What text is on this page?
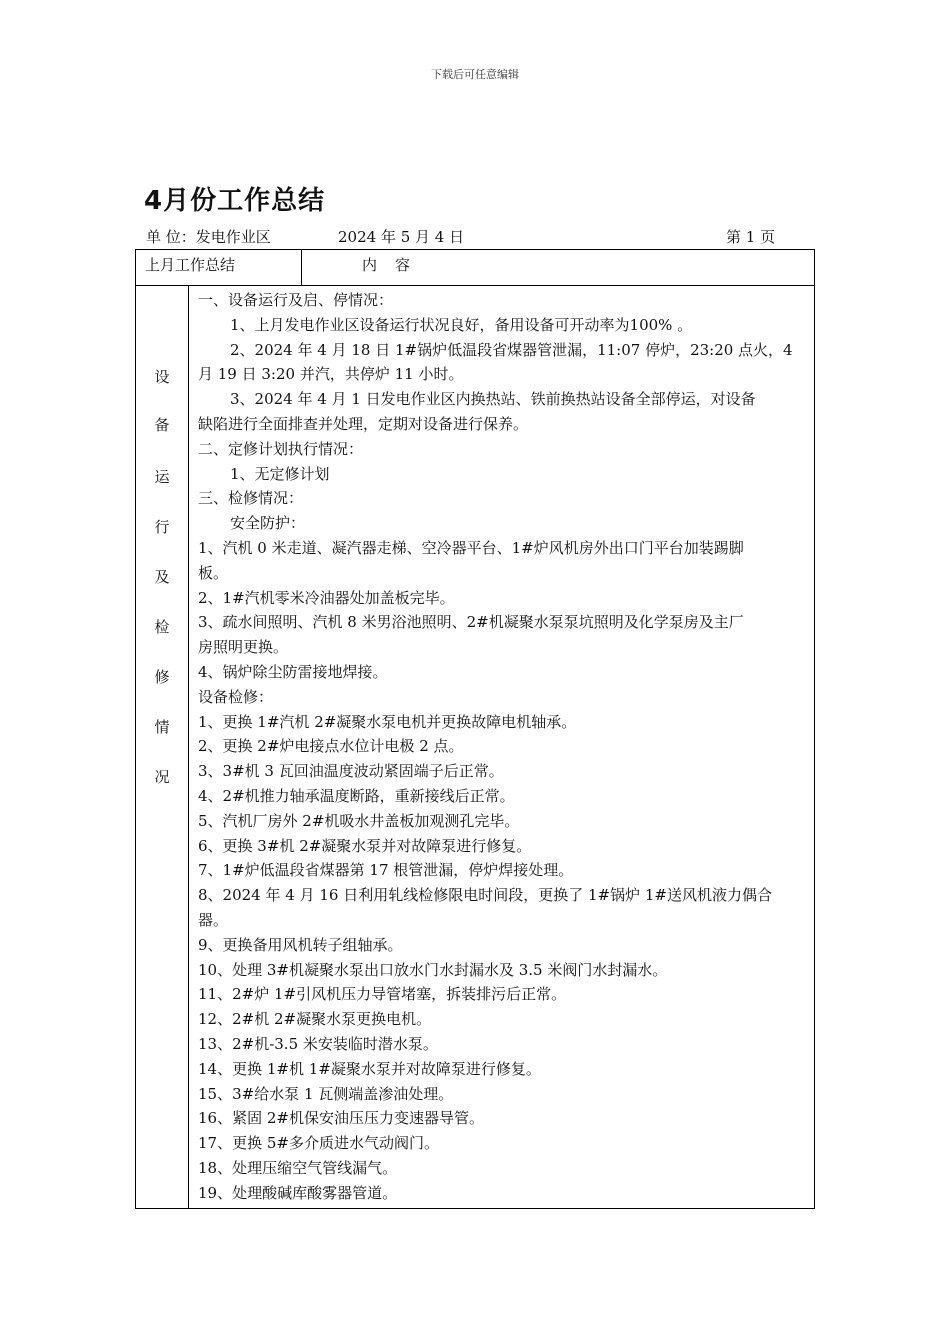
下载后可任意编辑
4月份工作总结
单 位：发电作业区	2024 年 5 月 4 日	第 1 页
上月工作总结	内容
设
备
运
行
及
检
修
情
况
一、设备运行及启、停情况：
1、上月发电作业区设备运行状况良好，备用设备可开动率为100% 。
2、2024 年 4 月 18 日 1#锅炉低温段省煤器管泄漏，11:07 停炉，23:20 点火，4
月 19 日 3:20 并汽，共停炉 11 小时。
3、2024 年 4 月 1 日发电作业区内换热站、铁前换热站设备全部停运，对设备
缺陷进行全面排查并处理，定期对设备进行保养。
二、定修计划执行情况：
1、无定修计划
三、检修情况：
安全防护：
1、汽机 0 米走道、凝汽器走梯、空冷器平台、1#炉风机房外出口门平台加装踢脚
板。
2、1#汽机零米冷油器处加盖板完毕。
3、疏水间照明、汽机 8 米男浴池照明、2#机凝聚水泵泵坑照明及化学泵房及主厂
房照明更换。
4、锅炉除尘防雷接地焊接。
设备检修：
1、更换 1#汽机 2#凝聚水泵电机并更换故障电机轴承。
2、更换 2#炉电接点水位计电极 2 点。
3、3#机 3 瓦回油温度波动紧固端子后正常。
4、2#机推力轴承温度断路，重新接线后正常。
5、汽机厂房外 2#机吸水井盖板加观测孔完毕。
6、更换 3#机 2#凝聚水泵并对故障泵进行修复。
7、1#炉低温段省煤器第 17 根管泄漏，停炉焊接处理。
8、2024 年 4 月 16 日利用轧线检修限电时间段，更换了 1#锅炉 1#送风机液力偶合
器。
9、更换备用风机转子组轴承。
10、处理 3#机凝聚水泵出口放水门水封漏水及 3.5 米阀门水封漏水。
11、2#炉 1#引风机压力导管堵塞，拆装排污后正常。
12、2#机 2#凝聚水泵更换电机。
13、2#机-3.5 米安装临时潜水泵。
14、更换 1#机 1#凝聚水泵并对故障泵进行修复。
15、3#给水泵 1 瓦侧端盖渗油处理。
16、紧固 2#机保安油压压力变速器导管。
17、更换 5#多介质进水气动阀门。
18、处理压缩空气管线漏气。
19、处理酸碱库酸雾器管道。
